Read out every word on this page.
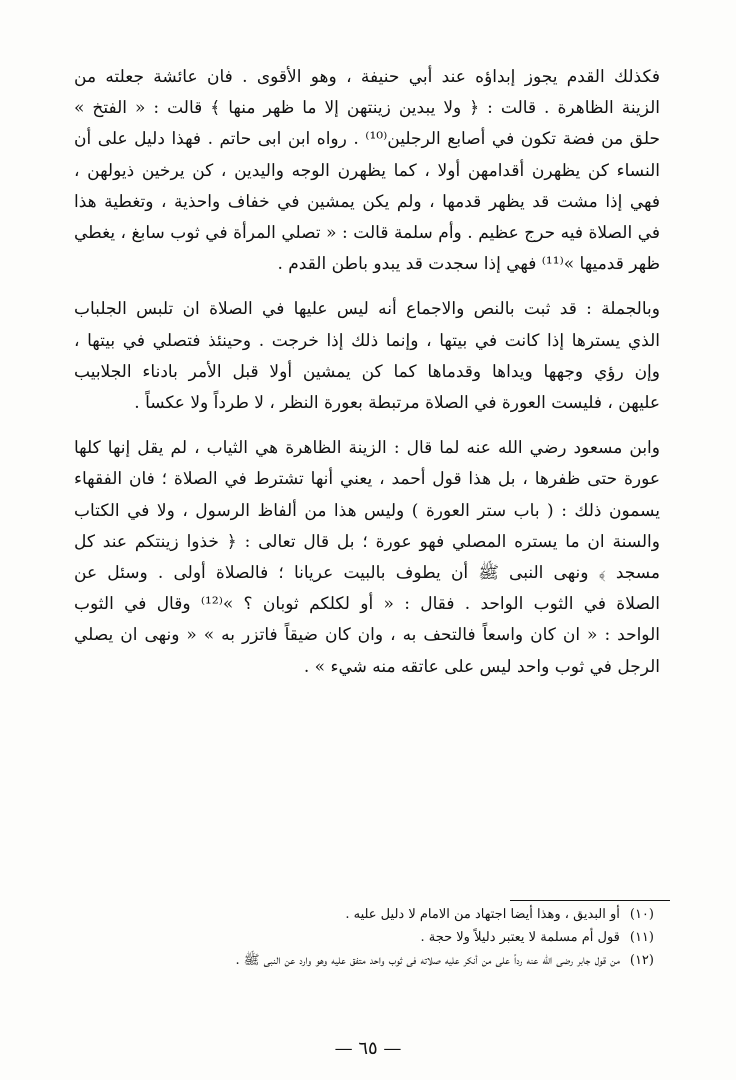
فكذلك القدم يجوز إبداؤه عند أبي حنيفة ، وهو الأقوى . فان عائشة جعلته من
الزينة الظاهرة . قالت : ﴿ ولا يبدين زينتهن إلا ما ظهر منها ﴾ قالت : « الفتخ »
حلق من فضة تكون في أصابع الرجلين⁽¹⁰⁾ . رواه ابن ابى حاتم . فهذا دليل على أن
النساء كن يظهرن أقدامهن أولا ، كما يظهرن الوجه واليدين ، كن يرخين ذيولهن ،
فهي إذا مشت قد يظهر قدمها ، ولم يكن يمشين في خفاف واحذية ، وتغطية هذا
في الصلاة فيه حرج عظيم . وأم سلمة قالت : « تصلي المرأة في ثوب سابغ ، يغطي
ظهر قدميها »⁽¹¹⁾ فهي إذا سجدت قد يبدو باطن القدم .

وبالجملة : قد ثبت بالنص والاجماع أنه ليس عليها في الصلاة ان تلبس الجلباب
الذي يسترها إذا كانت في بيتها ، وإنما ذلك إذا خرجت . وحينئذ فتصلي في بيتها ،
وإن رؤي وجهها ويداها وقدماها كما كن يمشين أولا قبل الأمر بادناء الجلابيب
عليهن ، فليست العورة في الصلاة مرتبطة بعورة النظر ، لا طرداً ولا عكساً .

وابن مسعود رضي الله عنه لما قال : الزينة الظاهرة هي الثياب ، لم يقل إنها كلها
عورة حتى ظفرها ، بل هذا قول أحمد ، يعني أنها تشترط في الصلاة ؛ فان الفقهاء
يسمون ذلك : ( باب ستر العورة ) وليس هذا من ألفاظ الرسول ، ولا في الكتاب
والسنة ان ما يستره المصلي فهو عورة ؛ بل قال تعالى : ﴿ خذوا زينتكم عند كل
مسجد ﴾ ونهى النبى ﷺ أن يطوف بالبيت عريانا ؛ فالصلاة أولى . وسئل عن
الصلاة في الثوب الواحد . فقال : « أو لكلكم ثوبان ؟ »⁽¹²⁾ وقال في الثوب
الواحد : « ان كان واسعاً فالتحف به ، وان كان ضيقاً فاتزر به » « ونهى ان يصلي
الرجل في ثوب واحد ليس على عاتقه منه شيء » .

(١٠)
أو البديق ، وهذا أيضا اجتهاد من الامام لا دليل عليه .
(١١)
قول أم مسلمة لا يعتبر دليلاً ولا حجة .
(١٢)
من قول جابر رضى الله عنه رداً على من أنكر عليه صلاته فى ثوب واحد متفق عليه وهو وارد عن النبى ﷺ .
— ٦٥ —
